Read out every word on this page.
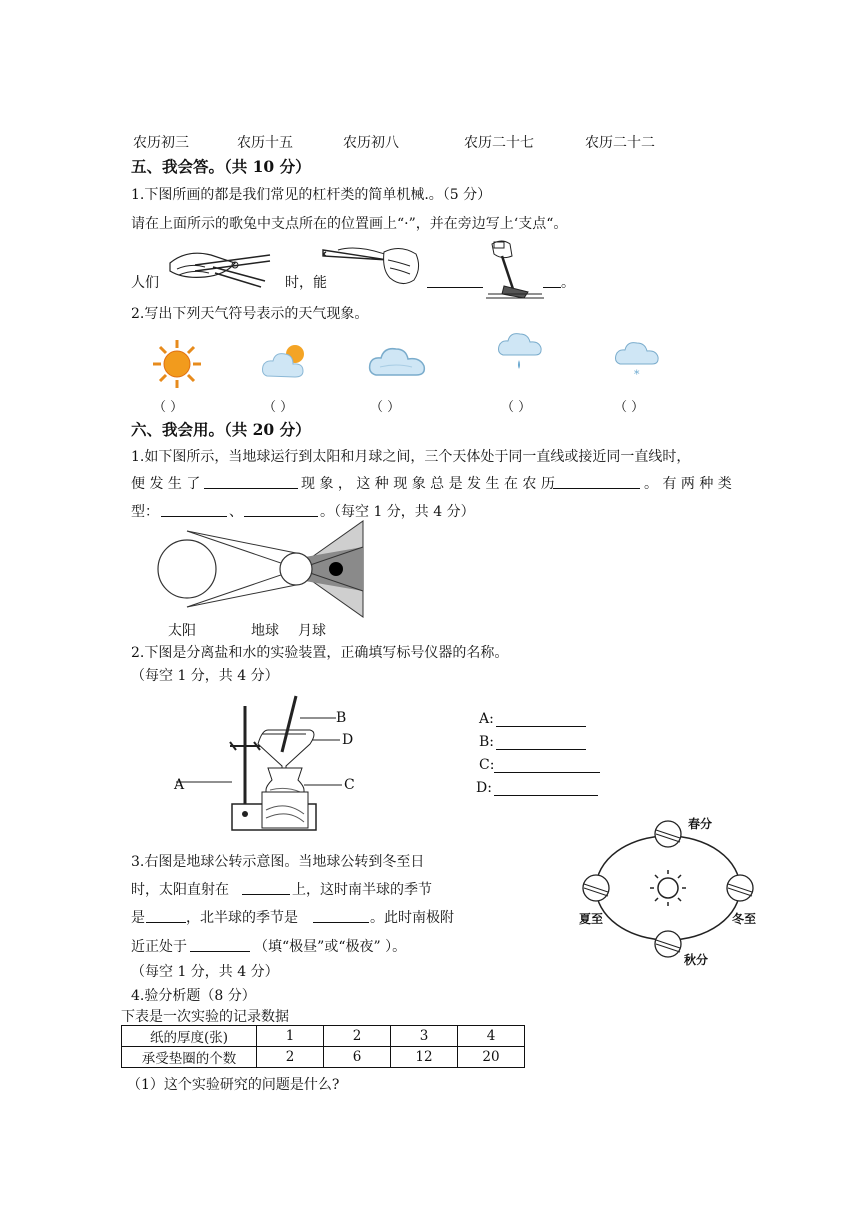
农历初三	农历十五	农历初八	农历二十七	农历二十二
五、我会答。（共 10 分）
1.下图所画的都是我们常见的杠杆类的简单机械.。（5 分）
请在上面所示的歌兔中支点所在的位置画上“·”，并在旁边写上‘支点“。
人们	时，能	。
2.写出下列天气符号表示的天气现象。
*
（ ）	（ ）	（ ）	（ ）	（ ）
六、我会用。（共 20 分）
1.如下图所示，当地球运行到太阳和月球之间，三个天体处于同一直线或接近同一直线时，
便 发 生 了	现 象 ， 这 种 现 象 总 是 发 生 在 农 历	。 有 两 种 类
型：	、	。（每空 1 分，共 4 分）
太阳	地球 月球
2.下图是分离盐和水的实验装置，正确填写标号仪器的名称。
（每空 1 分，共 4 分）
B
D
A	C
A:
B:
C:
D:
3.右图是地球公转示意图。当地球公转到冬至日
时，太阳直射在	上，这时南半球的季节
是	，北半球的季节是	。此时南极附
近正处于	（填“极昼”或“极夜” ）。
（每空 1 分，共 4 分）
春分
夏至	冬至
秋分
4.验分析题（8 分）
下表是一次实验的记录数据
纸的厚度(张)	1	2	3	4
承受垫圈的个数	2	6	12	20
（1）这个实验研究的问题是什么?
